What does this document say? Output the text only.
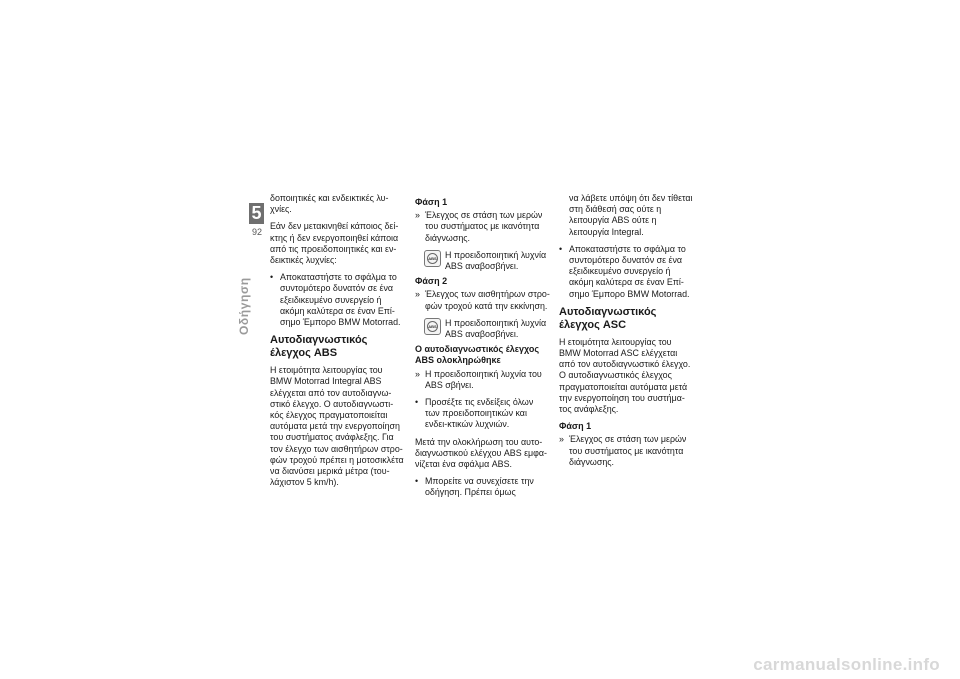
5
92
Οδήγηση

δοποιητικές και ενδεικτικές λυ-χνίες.

Εάν δεν μετακινηθεί κάποιος δεί-κτης ή δεν ενεργοποιηθεί κάποια από τις προειδοποιητικές και εν-δεικτικές λυχνίες:

• Αποκαταστήστε το σφάλμα το συντομότερο δυνατόν σε ένα εξειδικευμένο συνεργείο ή ακόμη καλύτερα σε έναν Επί-σημο Έμπορο BMW Motorrad.
Αυτοδιαγνωστικός έλεγχος ABS

Η ετοιμότητα λειτουργίας του BMW Motorrad Integral ABS ελέγχεται από τον αυτοδιαγνω-στικό έλεγχο. Ο αυτοδιαγνωστι-κός έλεγχος πραγματοποιείται αυτόματα μετά την ενεργοποίηση του συστήματος ανάφλεξης. Για τον έλεγχο των αισθητήρων στρο-φών τροχού πρέπει η μοτοσικλέτα να διανύσει μερικά μέτρα (του-λάχιστον 5 km/h).

Φάση 1
» Έλεγχος σε στάση των μερών του συστήματος με ικανότητα διάγνωσης.
ABS Η προειδοποιητική λυχνία ABS αναβοσβήνει.
Φάση 2
» Έλεγχος των αισθητήρων στρο-φών τροχού κατά την εκκίνηση.
ABS Η προειδοποιητική λυχνία ABS αναβοσβήνει.
Ο αυτοδιαγνωστικός έλεγχος ABS ολοκληρώθηκε
» Η προειδοποιητική λυχνία του ABS σβήνει.
• Προσέξτε τις ενδείξεις όλων των προειδοποιητικών και ενδει-κτικών λυχνιών.

Μετά την ολοκλήρωση του αυτο-διαγνωστικού ελέγχου ABS εμφα-νίζεται ένα σφάλμα ABS.

• Μπορείτε να συνεχίσετε την οδήγηση. Πρέπει όμως

να λάβετε υπόψη ότι δεν τίθεται στη διάθεσή σας ούτε η λειτουργία ABS ούτε η λειτουργία Integral.

• Αποκαταστήστε το σφάλμα το συντομότερο δυνατόν σε ένα εξειδικευμένο συνεργείο ή ακόμη καλύτερα σε έναν Επί-σημο Έμπορο BMW Motorrad.
Αυτοδιαγνωστικός έλεγχος ASC

Η ετοιμότητα λειτουργίας του BMW Motorrad ASC ελέγχεται από τον αυτοδιαγνωστικό έλεγχο. Ο αυτοδιαγνωστικός έλεγχος πραγματοποιείται αυτόματα μετά την ενεργοποίηση του συστήμα-τος ανάφλεξης.

Φάση 1
» Έλεγχος σε στάση των μερών του συστήματος με ικανότητα διάγνωσης.
carmanualsonline.info
